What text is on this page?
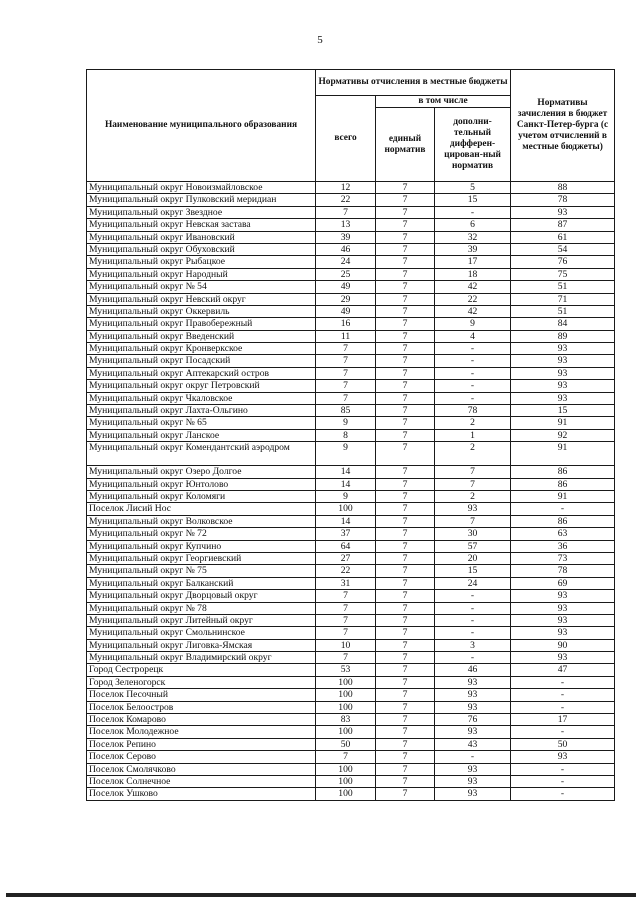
5
Наименование муниципального образования	Нормативы отчисления в местные бюджеты			Нормативы зачисления в бюджет Санкт-Петер-бурга (с учетом отчислений в местные бюджеты)
	всего	в том числе		
		единый норматив	дополни-тельный дифферен-цирован-ный норматив	
Муниципальный округ Новоизмайловское	12	7	5	88
Муниципальный округ Пулковский меридиан	22	7	15	78
Муниципальный округ Звездное	7	7	-	93
Муниципальный округ Невская застава	13	7	6	87
Муниципальный округ Ивановский	39	7	32	61
Муниципальный округ Обуховский	46	7	39	54
Муниципальный округ Рыбацкое	24	7	17	76
Муниципальный округ Народный	25	7	18	75
Муниципальный округ № 54	49	7	42	51
Муниципальный округ Невский округ	29	7	22	71
Муниципальный округ Оккервиль	49	7	42	51
Муниципальный округ Правобережный	16	7	9	84
Муниципальный округ Введенский	11	7	4	89
Муниципальный округ Кронверкское	7	7	-	93
Муниципальный округ Посадский	7	7	-	93
Муниципальный округ Аптекарский остров	7	7	-	93
Муниципальный округ округ Петровский	7	7	-	93
Муниципальный округ Чкаловское	7	7	-	93
Муниципальный округ Лахта-Ольгино	85	7	78	15
Муниципальный округ № 65	9	7	2	91
Муниципальный округ Ланское	8	7	1	92
Муниципальный округ Комендантский аэродром	9	7	2	91
Муниципальный округ Озеро Долгое	14	7	7	86
Муниципальный округ Юнтолово	14	7	7	86
Муниципальный округ Коломяги	9	7	2	91
Поселок Лисий Нос	100	7	93	-
Муниципальный округ Волковское	14	7	7	86
Муниципальный округ № 72	37	7	30	63
Муниципальный округ Купчино	64	7	57	36
Муниципальный округ Георгиевский	27	7	20	73
Муниципальный округ № 75	22	7	15	78
Муниципальный округ Балканский	31	7	24	69
Муниципальный округ Дворцовый округ	7	7	-	93
Муниципальный округ № 78	7	7	-	93
Муниципальный округ Литейный округ	7	7	-	93
Муниципальный округ Смольнинское	7	7	-	93
Муниципальный округ Лиговка-Ямская	10	7	3	90
Муниципальный округ Владимирский округ	7	7	-	93
Город Сестрорецк	53	7	46	47
Город Зеленогорск	100	7	93	-
Поселок Песочный	100	7	93	-
Поселок Белоостров	100	7	93	-
Поселок Комарово	83	7	76	17
Поселок Молодежное	100	7	93	-
Поселок Репино	50	7	43	50
Поселок Серово	7	7	-	93
Поселок Смолячково	100	7	93	-
Поселок Солнечное	100	7	93	-
Поселок Ушково	100	7	93	-
